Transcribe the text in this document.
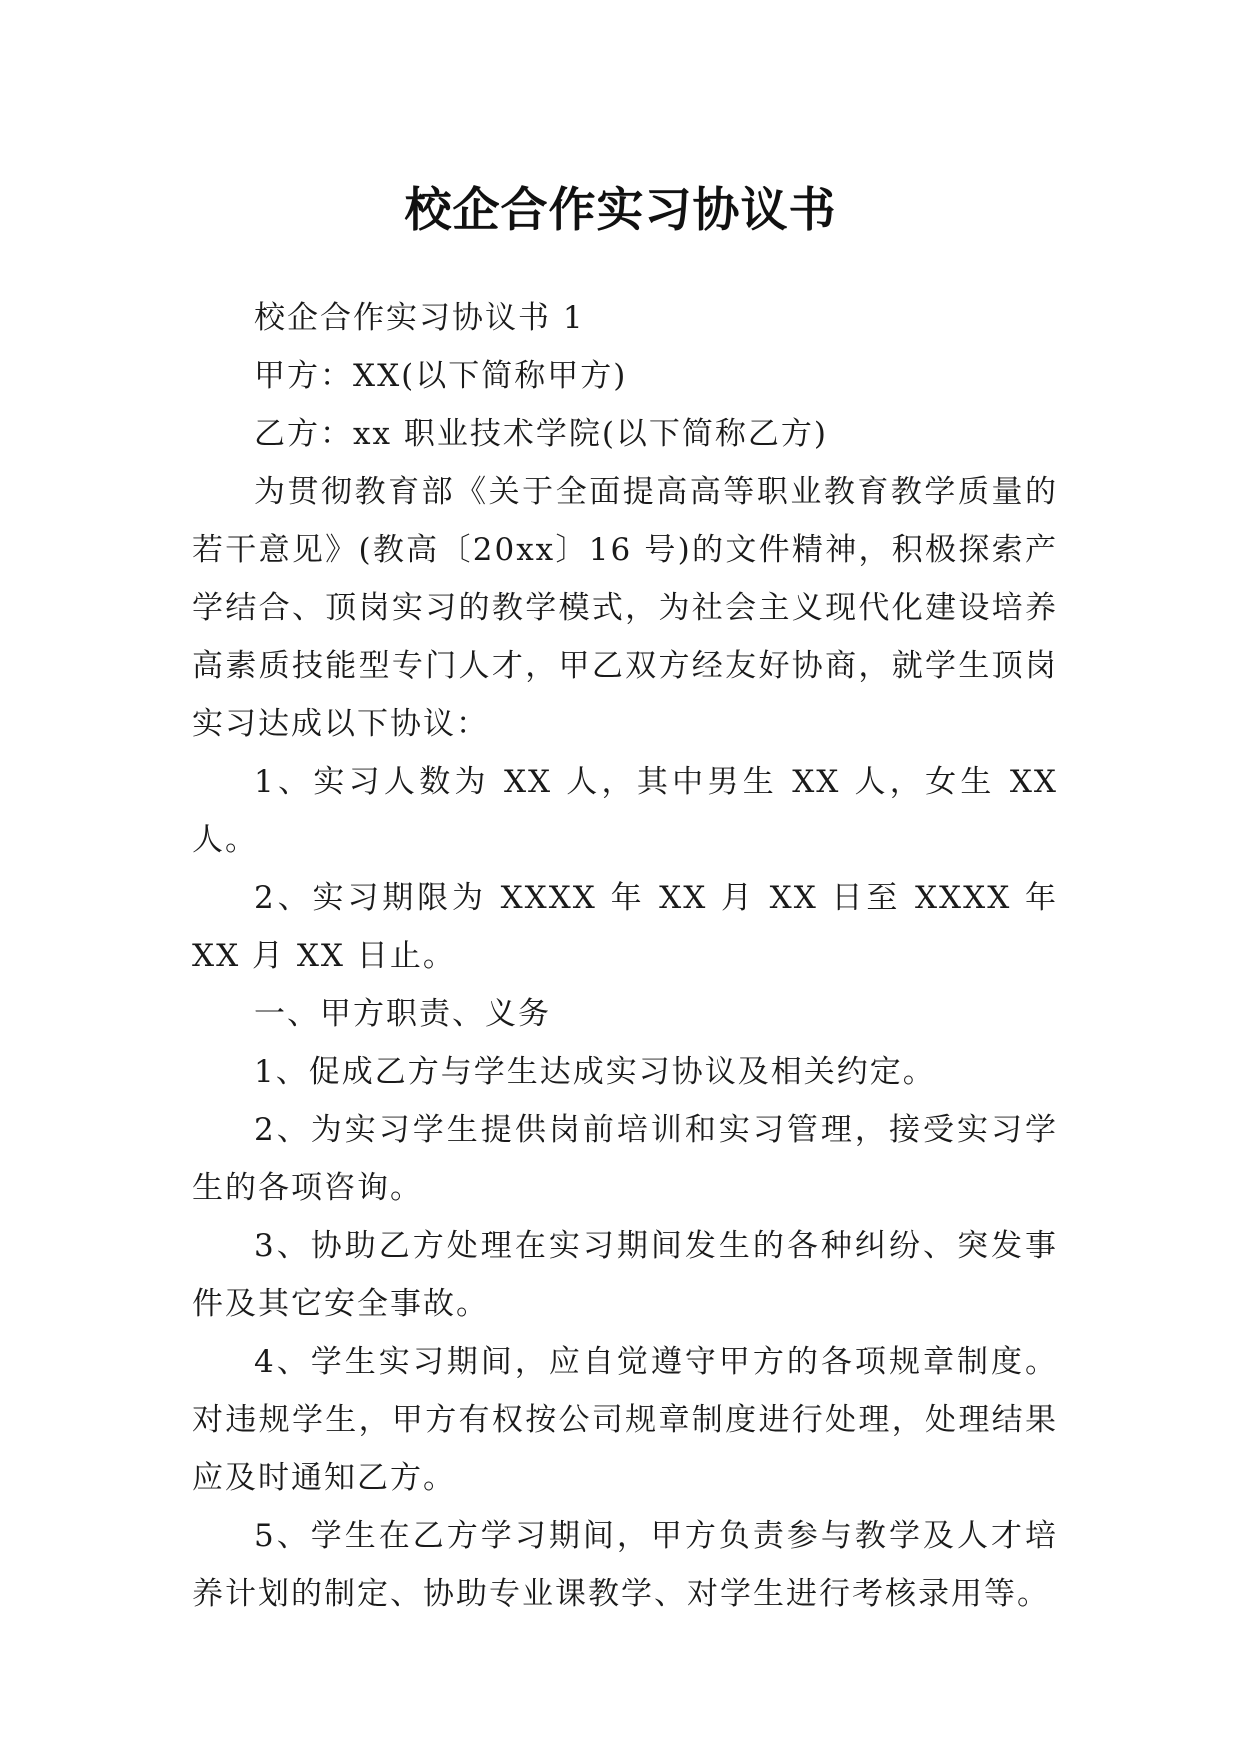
校企合作实习协议书

校企合作实习协议书 1

甲方：XX(以下简称甲方)

乙方：xx 职业技术学院(以下简称乙方)

为贯彻教育部《关于全面提高高等职业教育教学质量的若干意见》(教高〔20xx〕16 号)的文件精神，积极探索产学结合、顶岗实习的教学模式，为社会主义现代化建设培养高素质技能型专门人才，甲乙双方经友好协商，就学生顶岗实习达成以下协议：

1、实习人数为 XX 人，其中男生 XX 人，女生 XX 人。

2、实习期限为 XXXX 年 XX 月 XX 日至 XXXX 年 XX 月 XX 日止。

一、甲方职责、义务

1、促成乙方与学生达成实习协议及相关约定。

2、为实习学生提供岗前培训和实习管理，接受实习学生的各项咨询。

3、协助乙方处理在实习期间发生的各种纠纷、突发事件及其它安全事故。

4、学生实习期间，应自觉遵守甲方的各项规章制度。对违规学生，甲方有权按公司规章制度进行处理，处理结果应及时通知乙方。

5、学生在乙方学习期间，甲方负责参与教学及人才培养计划的制定、协助专业课教学、对学生进行考核录用等。
